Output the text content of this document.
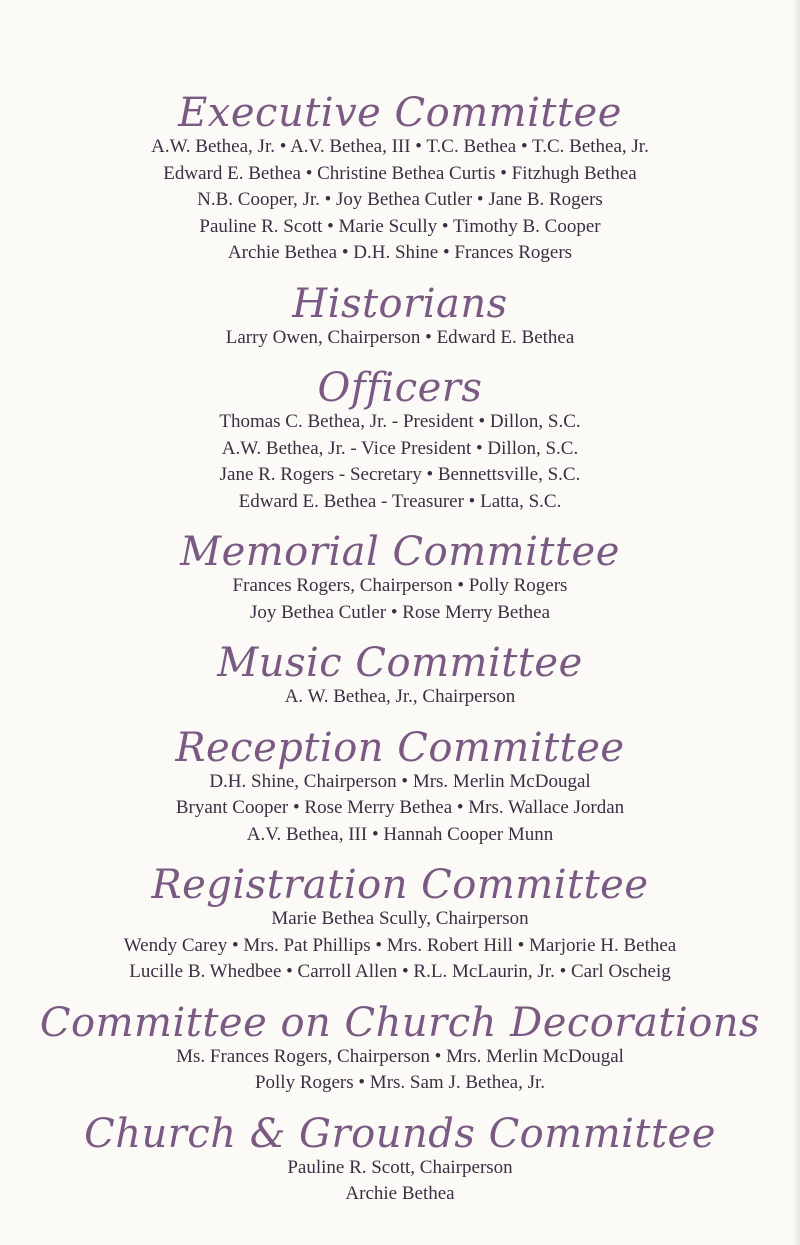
Executive Committee

A.W. Bethea, Jr. • A.V. Bethea, III • T.C. Bethea • T.C. Bethea, Jr.

Edward E. Bethea • Christine Bethea Curtis • Fitzhugh Bethea

N.B. Cooper, Jr. • Joy Bethea Cutler • Jane B. Rogers

Pauline R. Scott • Marie Scully • Timothy B. Cooper

Archie Bethea • D.H. Shine • Frances Rogers

Historians

Larry Owen, Chairperson • Edward E. Bethea

Officers

Thomas C. Bethea, Jr. - President • Dillon, S.C.

A.W. Bethea, Jr. - Vice President • Dillon, S.C.

Jane R. Rogers - Secretary • Bennettsville, S.C.

Edward E. Bethea - Treasurer • Latta, S.C.

Memorial Committee

Frances Rogers, Chairperson • Polly Rogers

Joy Bethea Cutler • Rose Merry Bethea

Music Committee

A. W. Bethea, Jr., Chairperson

Reception Committee

D.H. Shine, Chairperson • Mrs. Merlin McDougal

Bryant Cooper • Rose Merry Bethea • Mrs. Wallace Jordan

A.V. Bethea, III • Hannah Cooper Munn

Registration Committee

Marie Bethea Scully, Chairperson

Wendy Carey • Mrs. Pat Phillips • Mrs. Robert Hill • Marjorie H. Bethea

Lucille B. Whedbee • Carroll Allen • R.L. McLaurin, Jr. • Carl Oscheig

Committee on Church Decorations

Ms. Frances Rogers, Chairperson • Mrs. Merlin McDougal

Polly Rogers • Mrs. Sam J. Bethea, Jr.

Church & Grounds Committee

Pauline R. Scott, Chairperson

Archie Bethea
